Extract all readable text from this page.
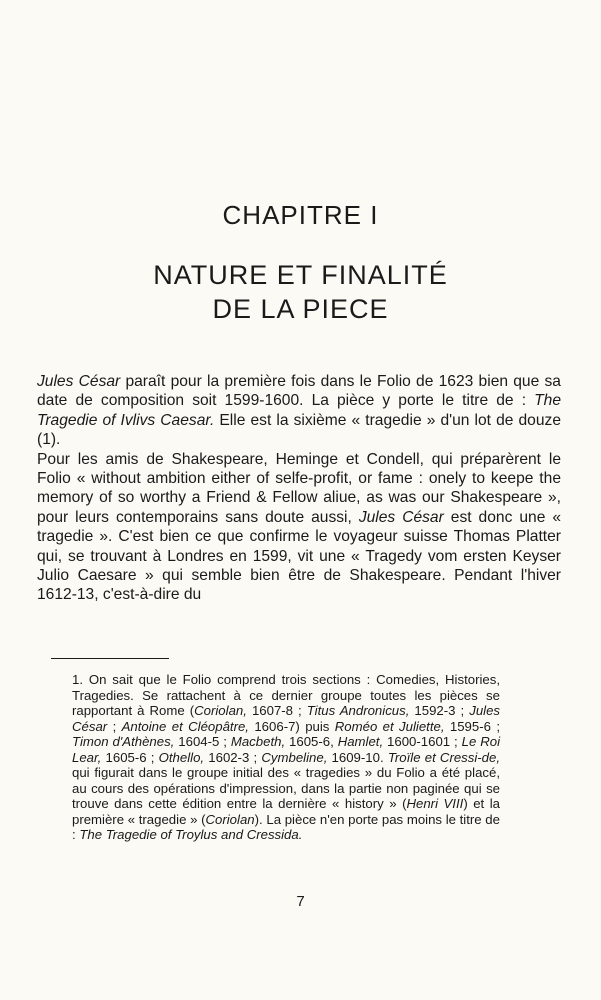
CHAPITRE I
NATURE ET FINALITÉ
DE LA PIECE

Jules César paraît pour la première fois dans le Folio de 1623 bien que sa date de composition soit 1599-1600. La pièce y porte le titre de : The Tragedie of Ivlivs Caesar. Elle est la sixième « tragedie » d'un lot de douze (1).

Pour les amis de Shakespeare, Heminge et Condell, qui préparèrent le Folio « without ambition either of selfe-profit, or fame : onely to keepe the memory of so worthy a Friend & Fellow aliue, as was our Shakespeare », pour leurs contemporains sans doute aussi, Jules César est donc une « tragedie ». C'est bien ce que confirme le voyageur suisse Thomas Platter qui, se trouvant à Londres en 1599, vit une « Tragedy vom ersten Keyser Julio Caesare » qui semble bien être de Shakespeare. Pendant l'hiver 1612-13, c'est-à-dire du

1. On sait que le Folio comprend trois sections : Comedies, Histories, Tragedies. Se rattachent à ce dernier groupe toutes les pièces se rapportant à Rome (Coriolan, 1607-8 ; Titus Andronicus, 1592-3 ; Jules César ; Antoine et Cléopâtre, 1606-7) puis Roméo et Juliette, 1595-6 ; Timon d'Athènes, 1604-5 ; Macbeth, 1605-6, Hamlet, 1600-1601 ; Le Roi Lear, 1605-6 ; Othello, 1602-3 ; Cymbeline, 1609-10. Troïle et Cressi-de, qui figurait dans le groupe initial des « tragedies » du Folio a été placé, au cours des opérations d'impression, dans la partie non paginée qui se trouve dans cette édition entre la dernière « history » (Henri VIII) et la première « tragedie » (Coriolan). La pièce n'en porte pas moins le titre de : The Tragedie of Troylus and Cressida.

7
